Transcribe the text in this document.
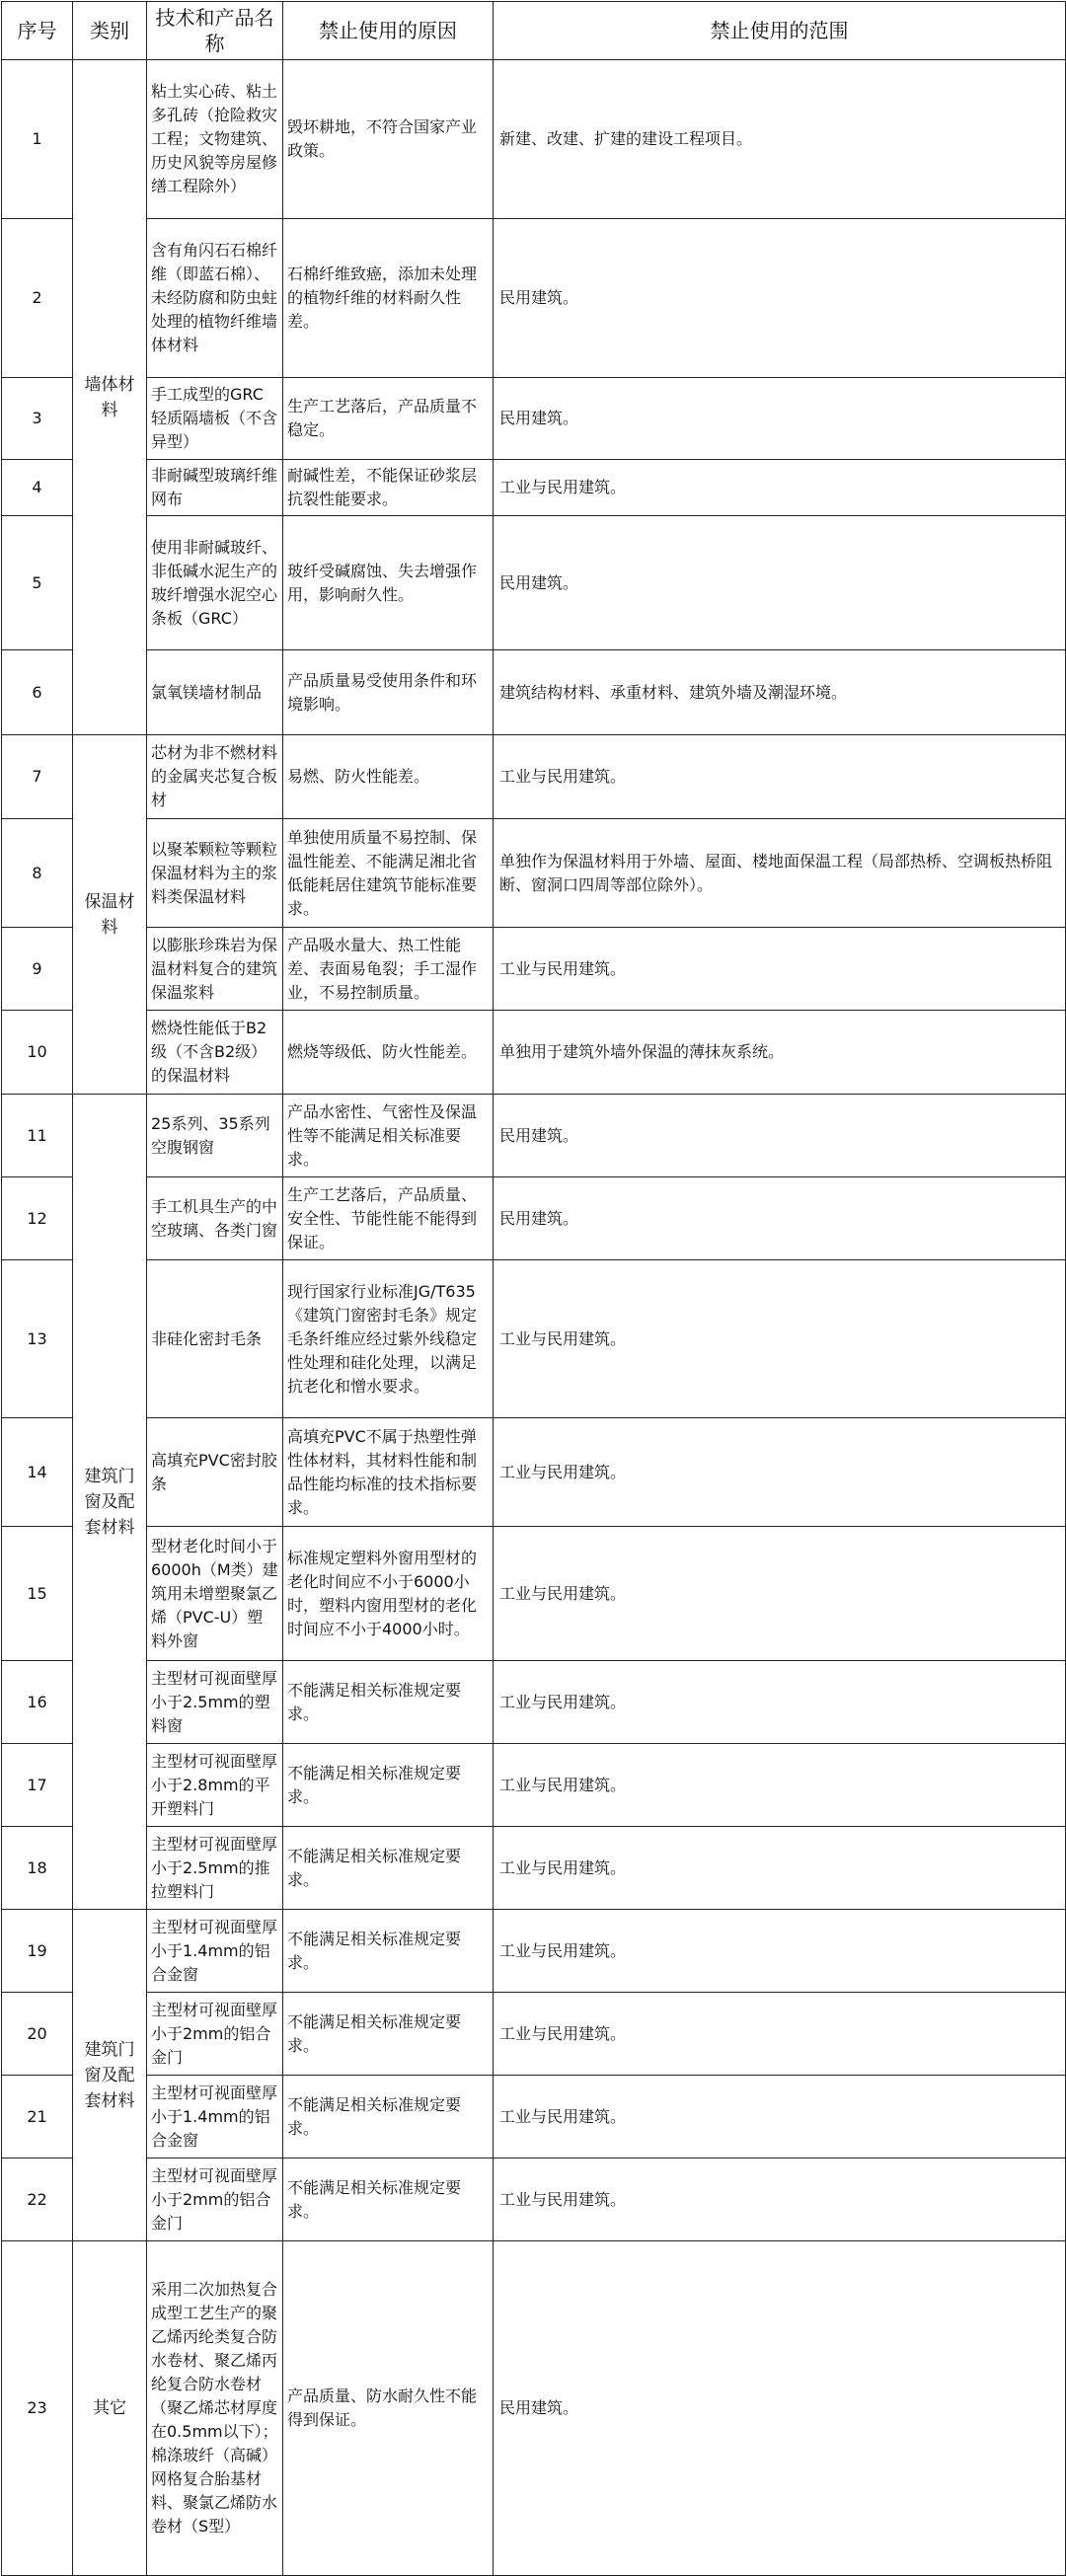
序号	类别	技术和产品名称	禁止使用的原因	禁止使用的范围
1	墙体材料	粘土实心砖、粘土多孔砖（抢险救灾工程；文物建筑、历史风貌等房屋修缮工程除外）	毁坏耕地，不符合国家产业政策。	新建、改建、扩建的建设工程项目。
2		含有角闪石石棉纤维（即蓝石棉）、未经防腐和防虫蛀处理的植物纤维墙体材料	石棉纤维致癌，添加未处理的植物纤维的材料耐久性差。	民用建筑。
3		手工成型的GRC轻质隔墙板（不含异型）	生产工艺落后，产品质量不稳定。	民用建筑。
4		非耐碱型玻璃纤维网布	耐碱性差，不能保证砂浆层抗裂性能要求。	工业与民用建筑。
5		使用非耐碱玻纤、非低碱水泥生产的玻纤增强水泥空心条板（GRC）	玻纤受碱腐蚀、失去增强作用，影响耐久性。	民用建筑。
6		氯氧镁墙材制品	产品质量易受使用条件和环境影响。	建筑结构材料、承重材料、建筑外墙及潮湿环境。
7	保温材料	芯材为非不燃材料的金属夹芯复合板材	易燃、防火性能差。	工业与民用建筑。
8		以聚苯颗粒等颗粒保温材料为主的浆料类保温材料	单独使用质量不易控制、保温性能差、不能满足湘北省低能耗居住建筑节能标准要求。	单独作为保温材料用于外墙、屋面、楼地面保温工程（局部热桥、空调板热桥阻断、窗洞口四周等部位除外）。
9		以膨胀珍珠岩为保温材料复合的建筑保温浆料	产品吸水量大、热工性能差、表面易龟裂；手工湿作业，不易控制质量。	工业与民用建筑。
10		燃烧性能低于B2级（不含B2级）的保温材料	燃烧等级低、防火性能差。	单独用于建筑外墙外保温的薄抹灰系统。
11	建筑门窗及配套材料	25系列、35系列空腹钢窗	产品水密性、气密性及保温性等不能满足相关标准要求。	民用建筑。
12		手工机具生产的中空玻璃、各类门窗	生产工艺落后，产品质量、安全性、节能性能不能得到保证。	民用建筑。
13		非硅化密封毛条	现行国家行业标准JG/T635《建筑门窗密封毛条》规定毛条纤维应经过紫外线稳定性处理和硅化处理，以满足抗老化和憎水要求。	工业与民用建筑。
14		高填充PVC密封胶条	高填充PVC不属于热塑性弹性体材料，其材料性能和制品性能均标准的技术指标要求。	工业与民用建筑。
15		型材老化时间小于6000h（M类）建筑用未增塑聚氯乙烯（PVC-U）塑料外窗	标准规定塑料外窗用型材的老化时间应不小于6000小时，塑料内窗用型材的老化时间应不小于4000小时。	工业与民用建筑。
16		主型材可视面壁厚小于2.5mm的塑料窗	不能满足相关标准规定要求。	工业与民用建筑。
17		主型材可视面壁厚小于2.8mm的平开塑料门	不能满足相关标准规定要求。	工业与民用建筑。
18		主型材可视面壁厚小于2.5mm的推拉塑料门	不能满足相关标准规定要求。	工业与民用建筑。
19	建筑门窗及配套材料	主型材可视面壁厚小于1.4mm的铝合金窗	不能满足相关标准规定要求。	工业与民用建筑。
20		主型材可视面壁厚小于2mm的铝合金门	不能满足相关标准规定要求。	工业与民用建筑。
21		主型材可视面壁厚小于1.4mm的铝合金窗	不能满足相关标准规定要求。	工业与民用建筑。
22		主型材可视面壁厚小于2mm的铝合金门	不能满足相关标准规定要求。	工业与民用建筑。
23	其它	采用二次加热复合成型工艺生产的聚乙烯丙纶类复合防水卷材、聚乙烯丙纶复合防水卷材（聚乙烯芯材厚度在0.5mm以下）；棉涤玻纤（高碱）网格复合胎基材料、聚氯乙烯防水卷材（S型）	产品质量、防水耐久性不能得到保证。	民用建筑。
